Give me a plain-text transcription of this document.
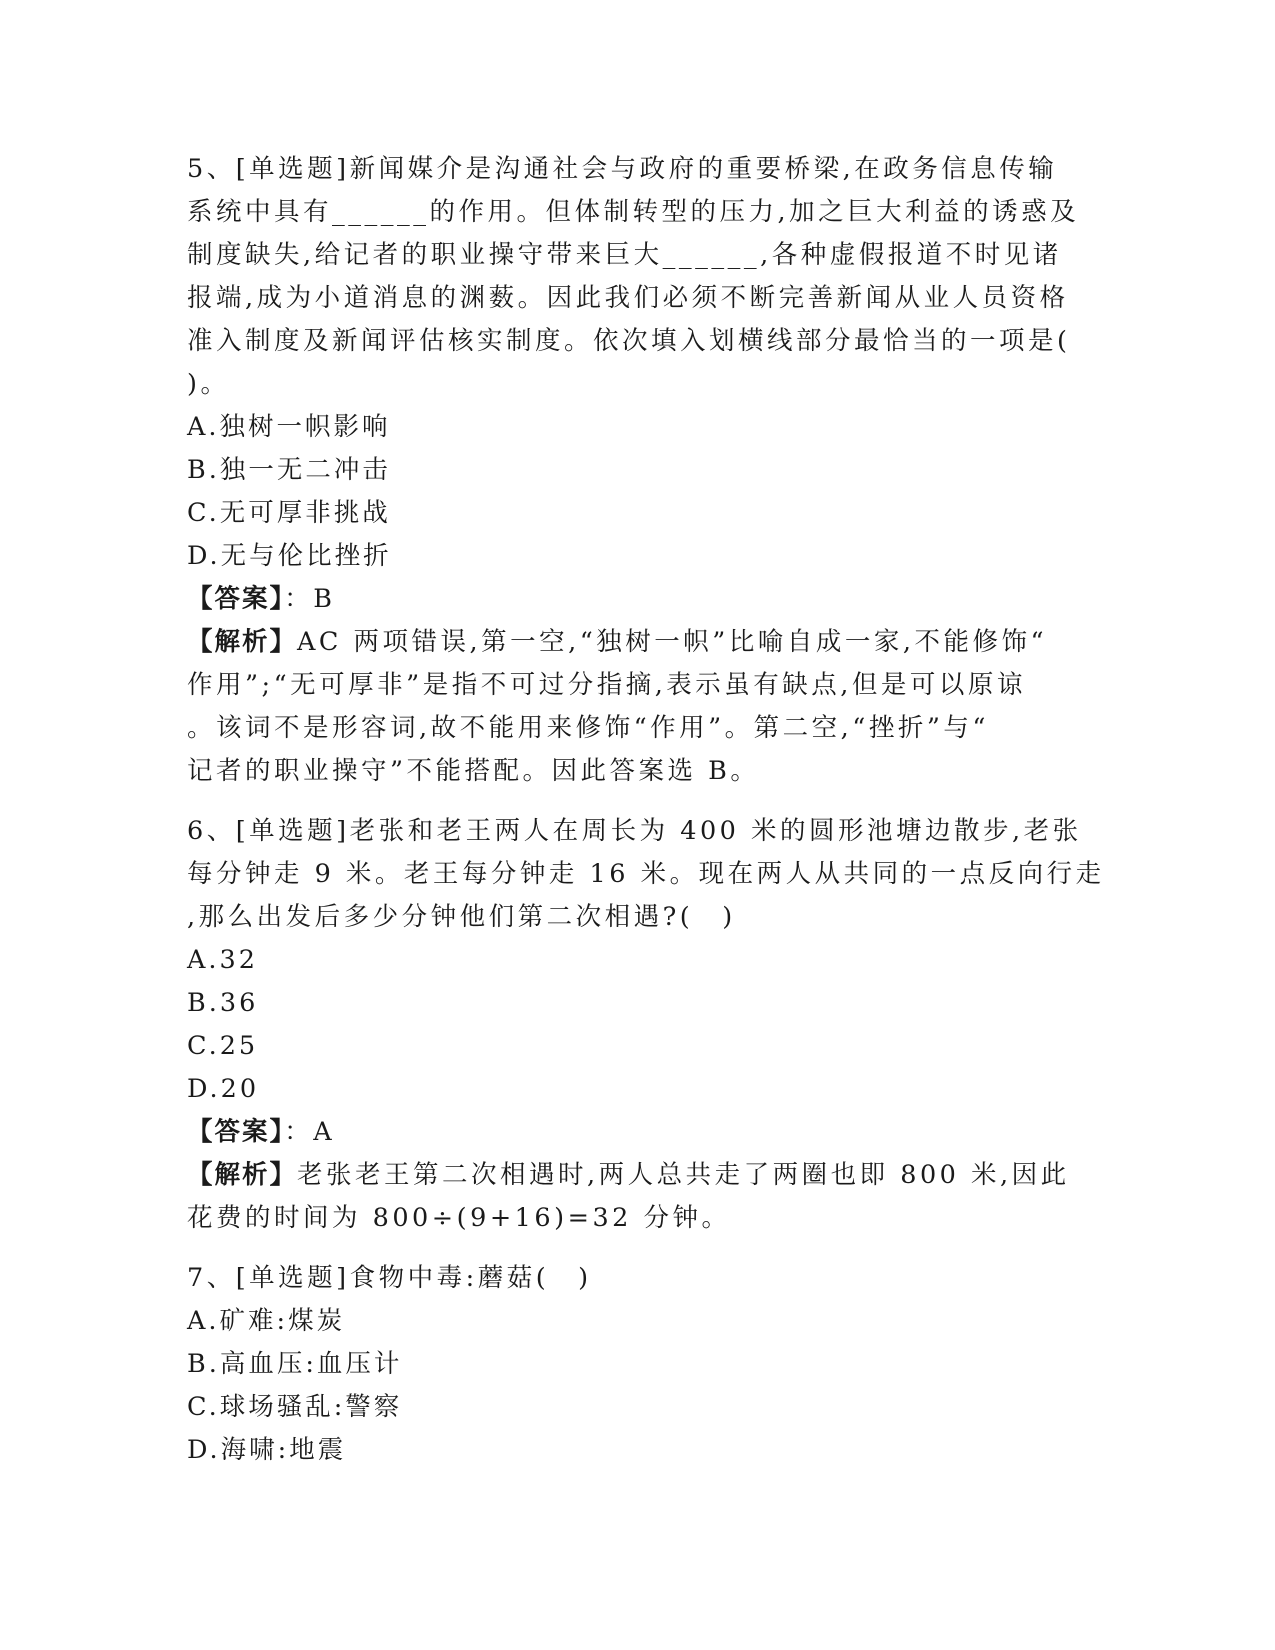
5、[单选题]新闻媒介是沟通社会与政府的重要桥梁,在政务信息传输
系统中具有______的作用。但体制转型的压力,加之巨大利益的诱惑及
制度缺失,给记者的职业操守带来巨大______,各种虚假报道不时见诸
报端,成为小道消息的渊薮。因此我们必须不断完善新闻从业人员资格
准入制度及新闻评估核实制度。依次填入划横线部分最恰当的一项是(
)。
A.独树一帜影响
B.独一无二冲击
C.无可厚非挑战
D.无与伦比挫折
【答案】：B
【解析】AC 两项错误,第一空,“独树一帜”比喻自成一家,不能修饰“
作用”;“无可厚非”是指不可过分指摘,表示虽有缺点,但是可以原谅
。该词不是形容词,故不能用来修饰“作用”。第二空,“挫折”与“
记者的职业操守”不能搭配。因此答案选 B。
6、[单选题]老张和老王两人在周长为 400 米的圆形池塘边散步,老张
每分钟走 9 米。老王每分钟走 16 米。现在两人从共同的一点反向行走
,那么出发后多少分钟他们第二次相遇?(　)
A.32
B.36
C.25
D.20
【答案】：A
【解析】老张老王第二次相遇时,两人总共走了两圈也即 800 米,因此
花费的时间为 800÷(9+16)=32 分钟。
7、[单选题]食物中毒:蘑菇(　)
A.矿难:煤炭
B.高血压:血压计
C.球场骚乱:警察
D.海啸:地震
